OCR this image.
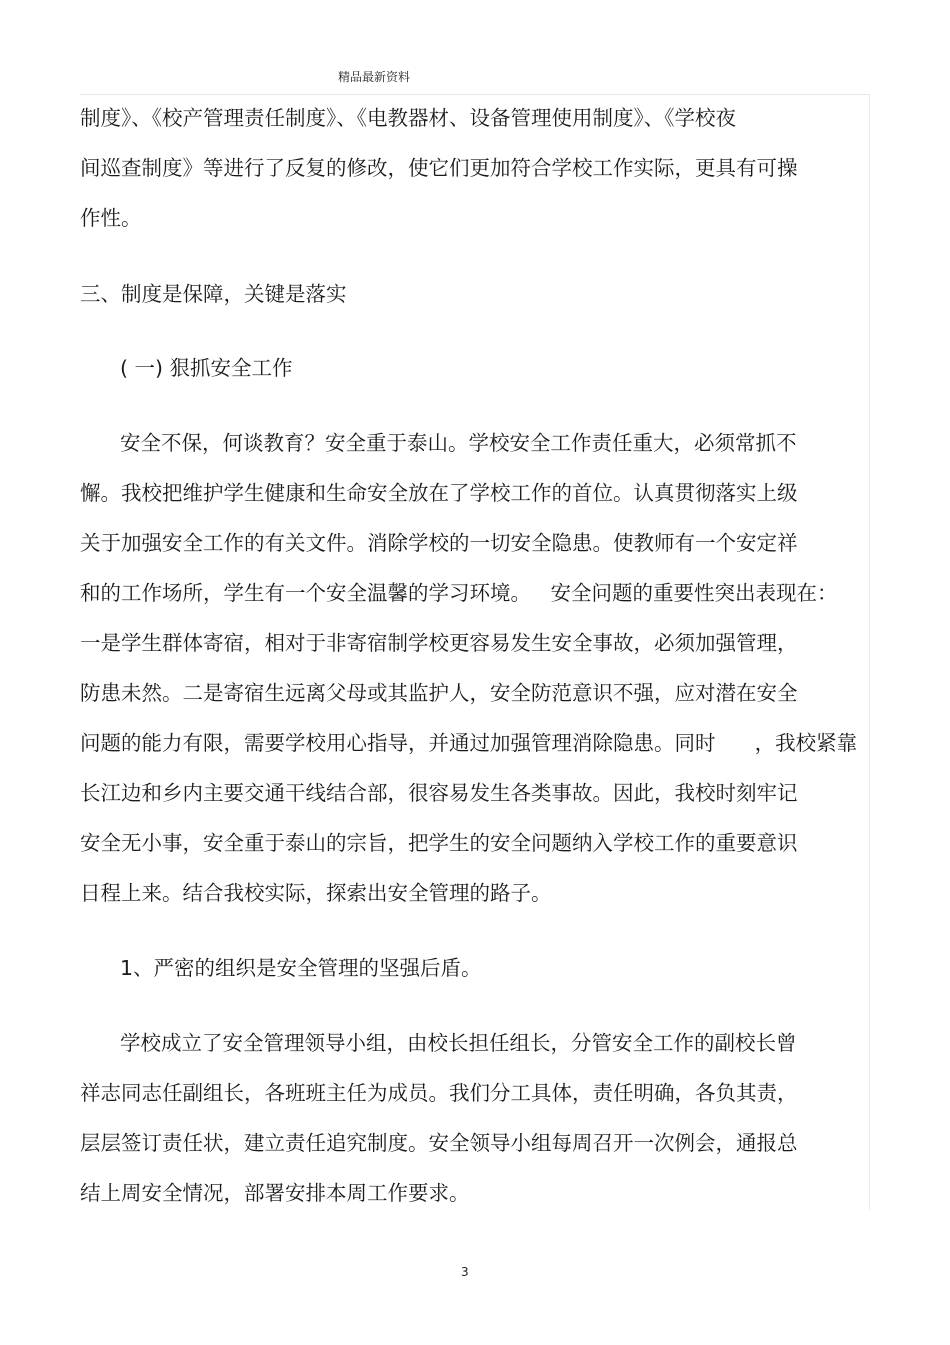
精品最新资料
制度》、《校产管理责任制度》、《电教器材、设备管理使用制度》、《学校夜
间巡查制度》等进行了反复的修改，使它们更加符合学校工作实际，更具有可操
作性。
三、制度是保障，关键是落实
( 一) 狠抓安全工作
安全不保，何谈教育？安全重于泰山。学校安全工作责任重大，必须常抓不
懈。我校把维护学生健康和生命安全放在了学校工作的首位。认真贯彻落实上级
关于加强安全工作的有关文件。消除学校的一切安全隐患。使教师有一个安定祥
和的工作场所，学生有一个安全温馨的学习环境。   安全问题的重要性突出表现在：
一是学生群体寄宿，相对于非寄宿制学校更容易发生安全事故，必须加强管理，
防患未然。二是寄宿生远离父母或其监护人，安全防范意识不强，应对潜在安全
问题的能力有限，需要学校用心指导，并通过加强管理消除隐患。同时      ，我校紧靠
长江边和乡内主要交通干线结合部，很容易发生各类事故。因此，我校时刻牢记
安全无小事，安全重于泰山的宗旨，把学生的安全问题纳入学校工作的重要意识
日程上来。结合我校实际，探索出安全管理的路子。
1、严密的组织是安全管理的坚强后盾。
学校成立了安全管理领导小组，由校长担任组长，分管安全工作的副校长曾
祥志同志任副组长，各班班主任为成员。我们分工具体，责任明确，各负其责，
层层签订责任状，建立责任追究制度。安全领导小组每周召开一次例会，通报总
结上周安全情况，部署安排本周工作要求。
3
